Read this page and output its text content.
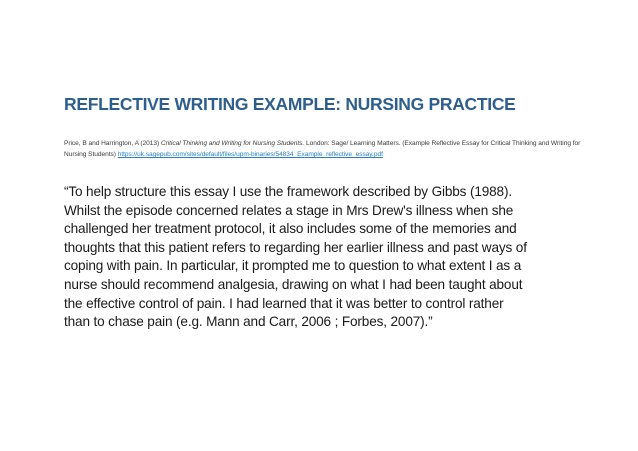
REFLECTIVE WRITING EXAMPLE: NURSING PRACTICE

Price, B and Harrington, A (2013) Critical Thinking and Writing for Nursing Students. London: Sage/ Learning Matters. (Example Reflective Essay for Critical Thinking and Writing for Nursing Students) https://uk.sagepub.com/sites/default/files/upm-binaries/54834_Example_reflective_essay.pdf

“To help structure this essay I use the framework described by Gibbs (1988).
Whilst the episode concerned relates a stage in Mrs Drew's illness when she
challenged her treatment protocol, it also includes some of the memories and
thoughts that this patient refers to regarding her earlier illness and past ways of
coping with pain. In particular, it prompted me to question to what extent I as a
nurse should recommend analgesia, drawing on what I had been taught about
the effective control of pain. I had learned that it was better to control rather
than to chase pain (e.g. Mann and Carr, 2006 ; Forbes, 2007).”
